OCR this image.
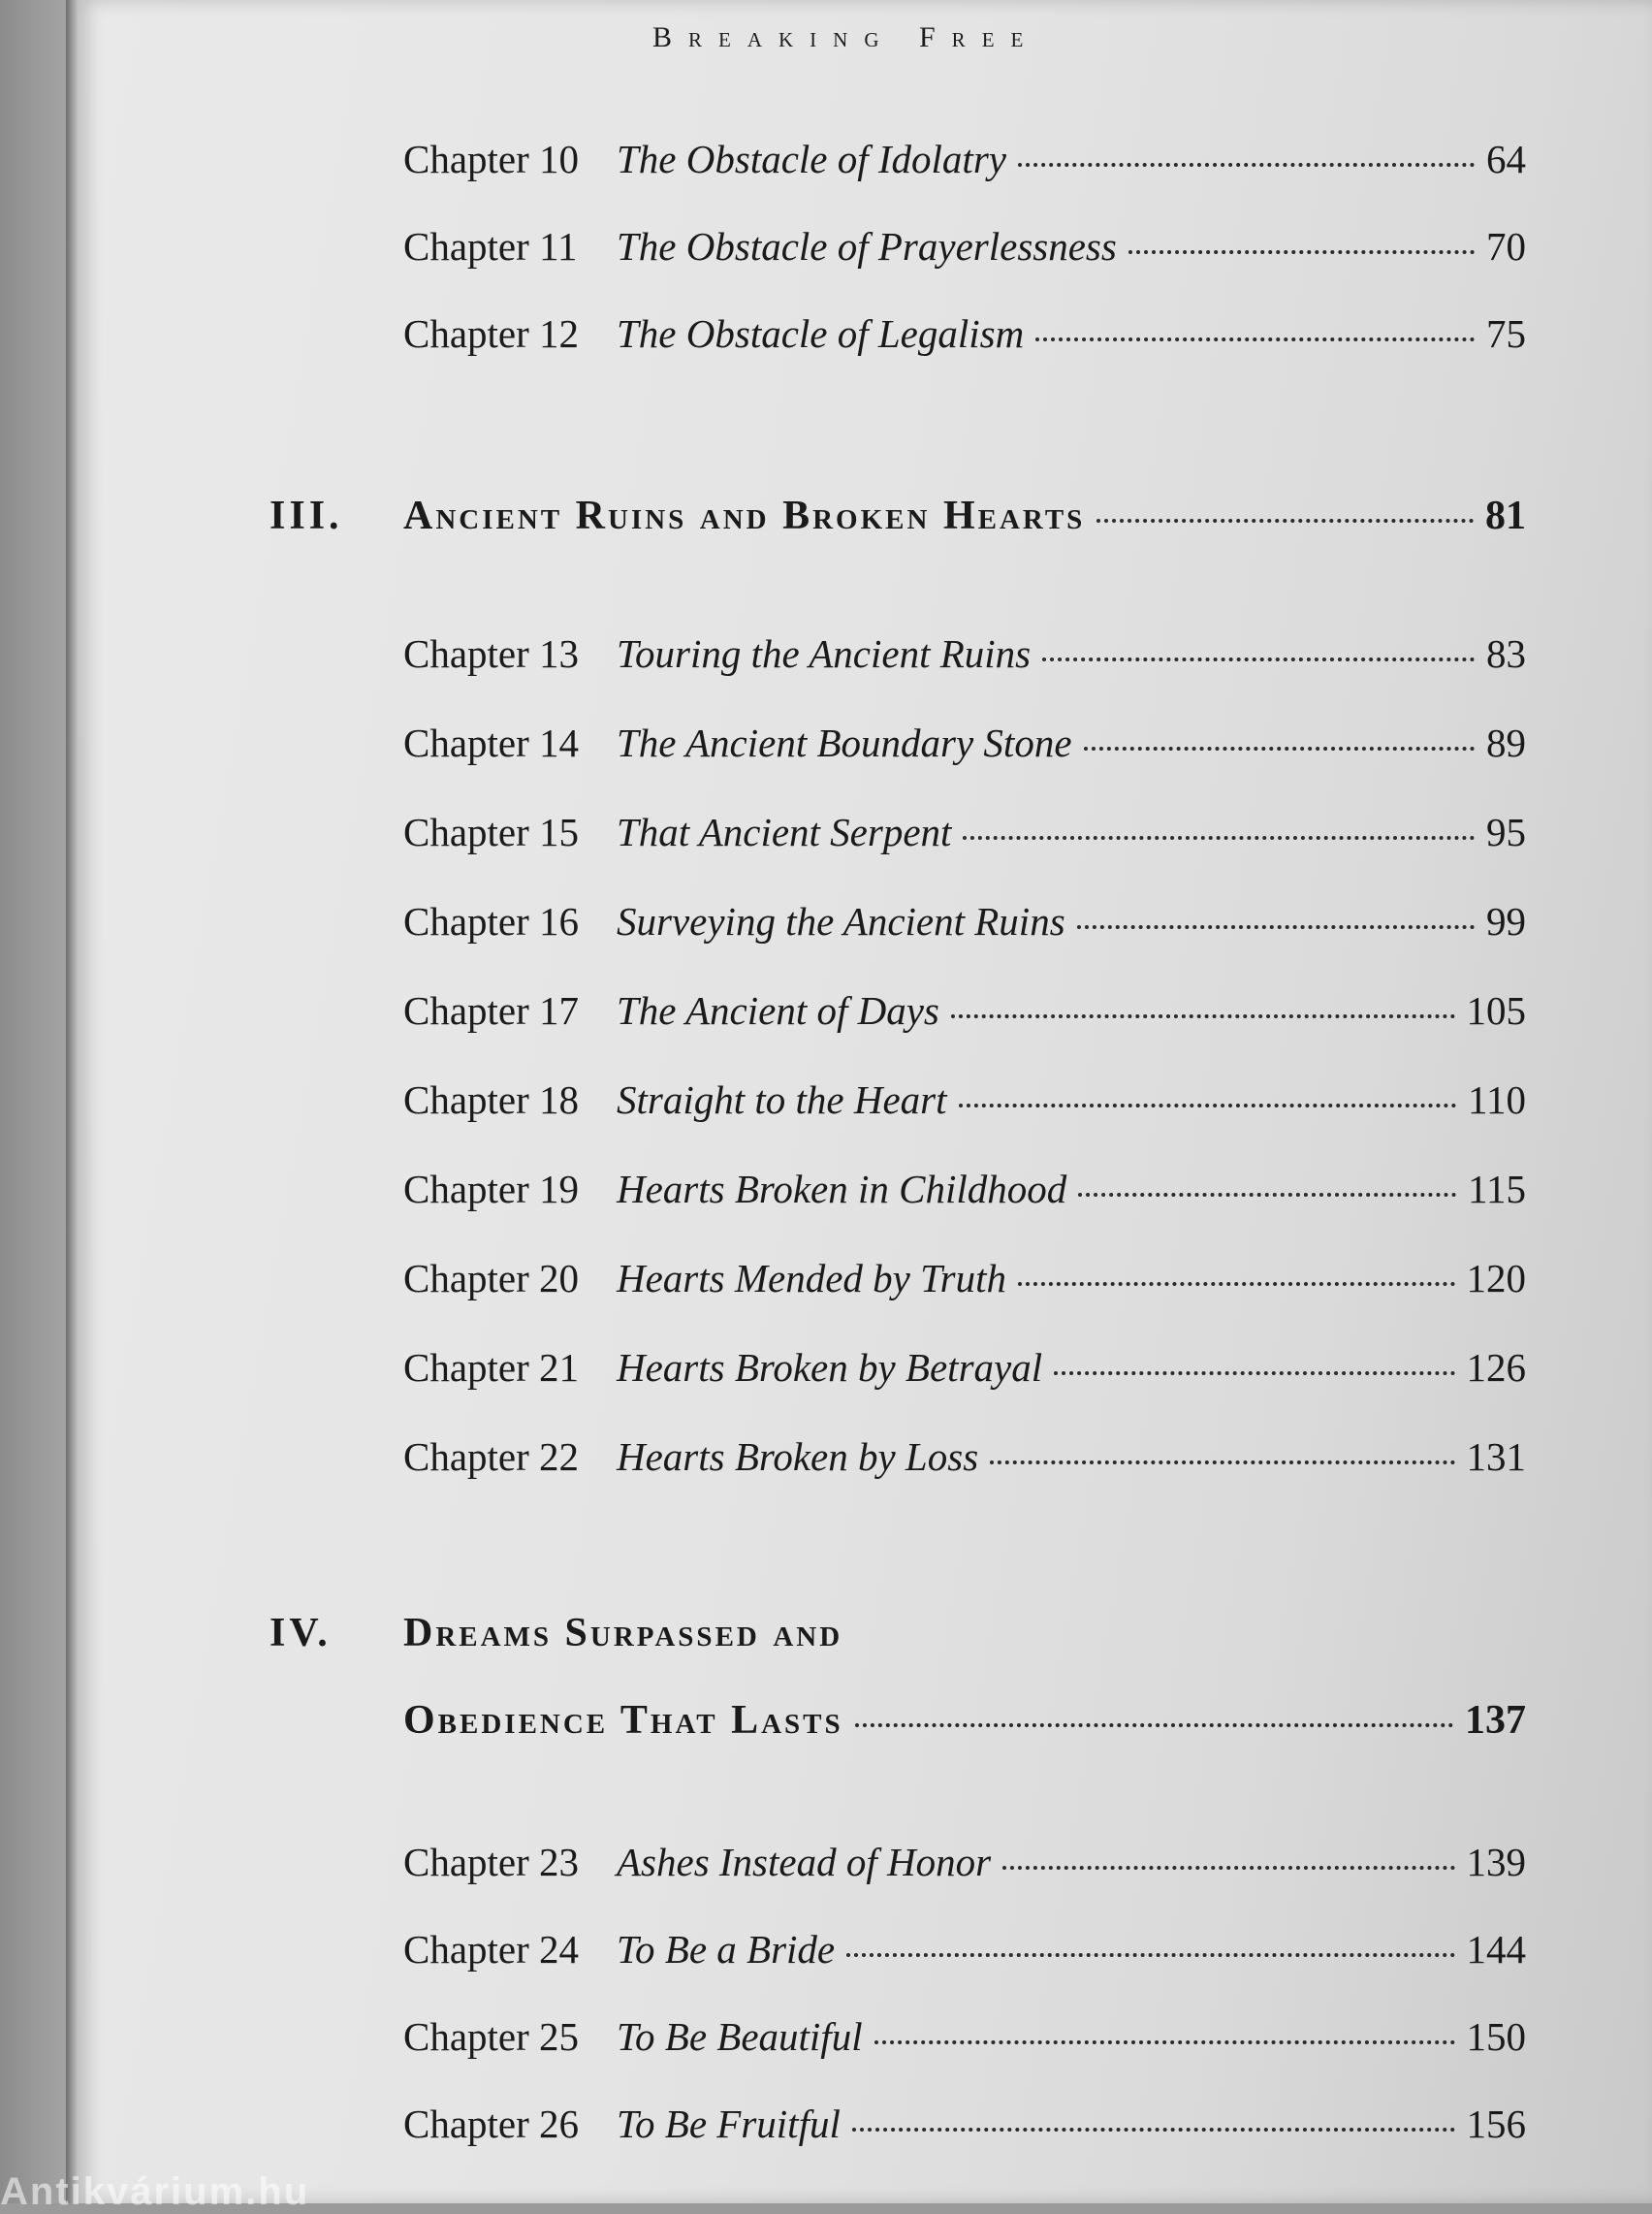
Breaking Free
Chapter 10 The Obstacle of Idolatry	64
Chapter 11 The Obstacle of Prayerlessness	70
Chapter 12 The Obstacle of Legalism	75
III.	Ancient Ruins and Broken Hearts	81
Chapter 13 Touring the Ancient Ruins	83
Chapter 14 The Ancient Boundary Stone	89
Chapter 15 That Ancient Serpent	95
Chapter 16 Surveying the Ancient Ruins	99
Chapter 17 The Ancient of Days	105
Chapter 18 Straight to the Heart	110
Chapter 19 Hearts Broken in Childhood	115
Chapter 20 Hearts Mended by Truth	120
Chapter 21 Hearts Broken by Betrayal	126
Chapter 22 Hearts Broken by Loss	131
IV.	Dreams Surpassed and
Obedience That Lasts	137
Chapter 23 Ashes Instead of Honor	139
Chapter 24 To Be a Bride	144
Chapter 25 To Be Beautiful	150
Chapter 26 To Be Fruitful	156
Antikvárium.hu
